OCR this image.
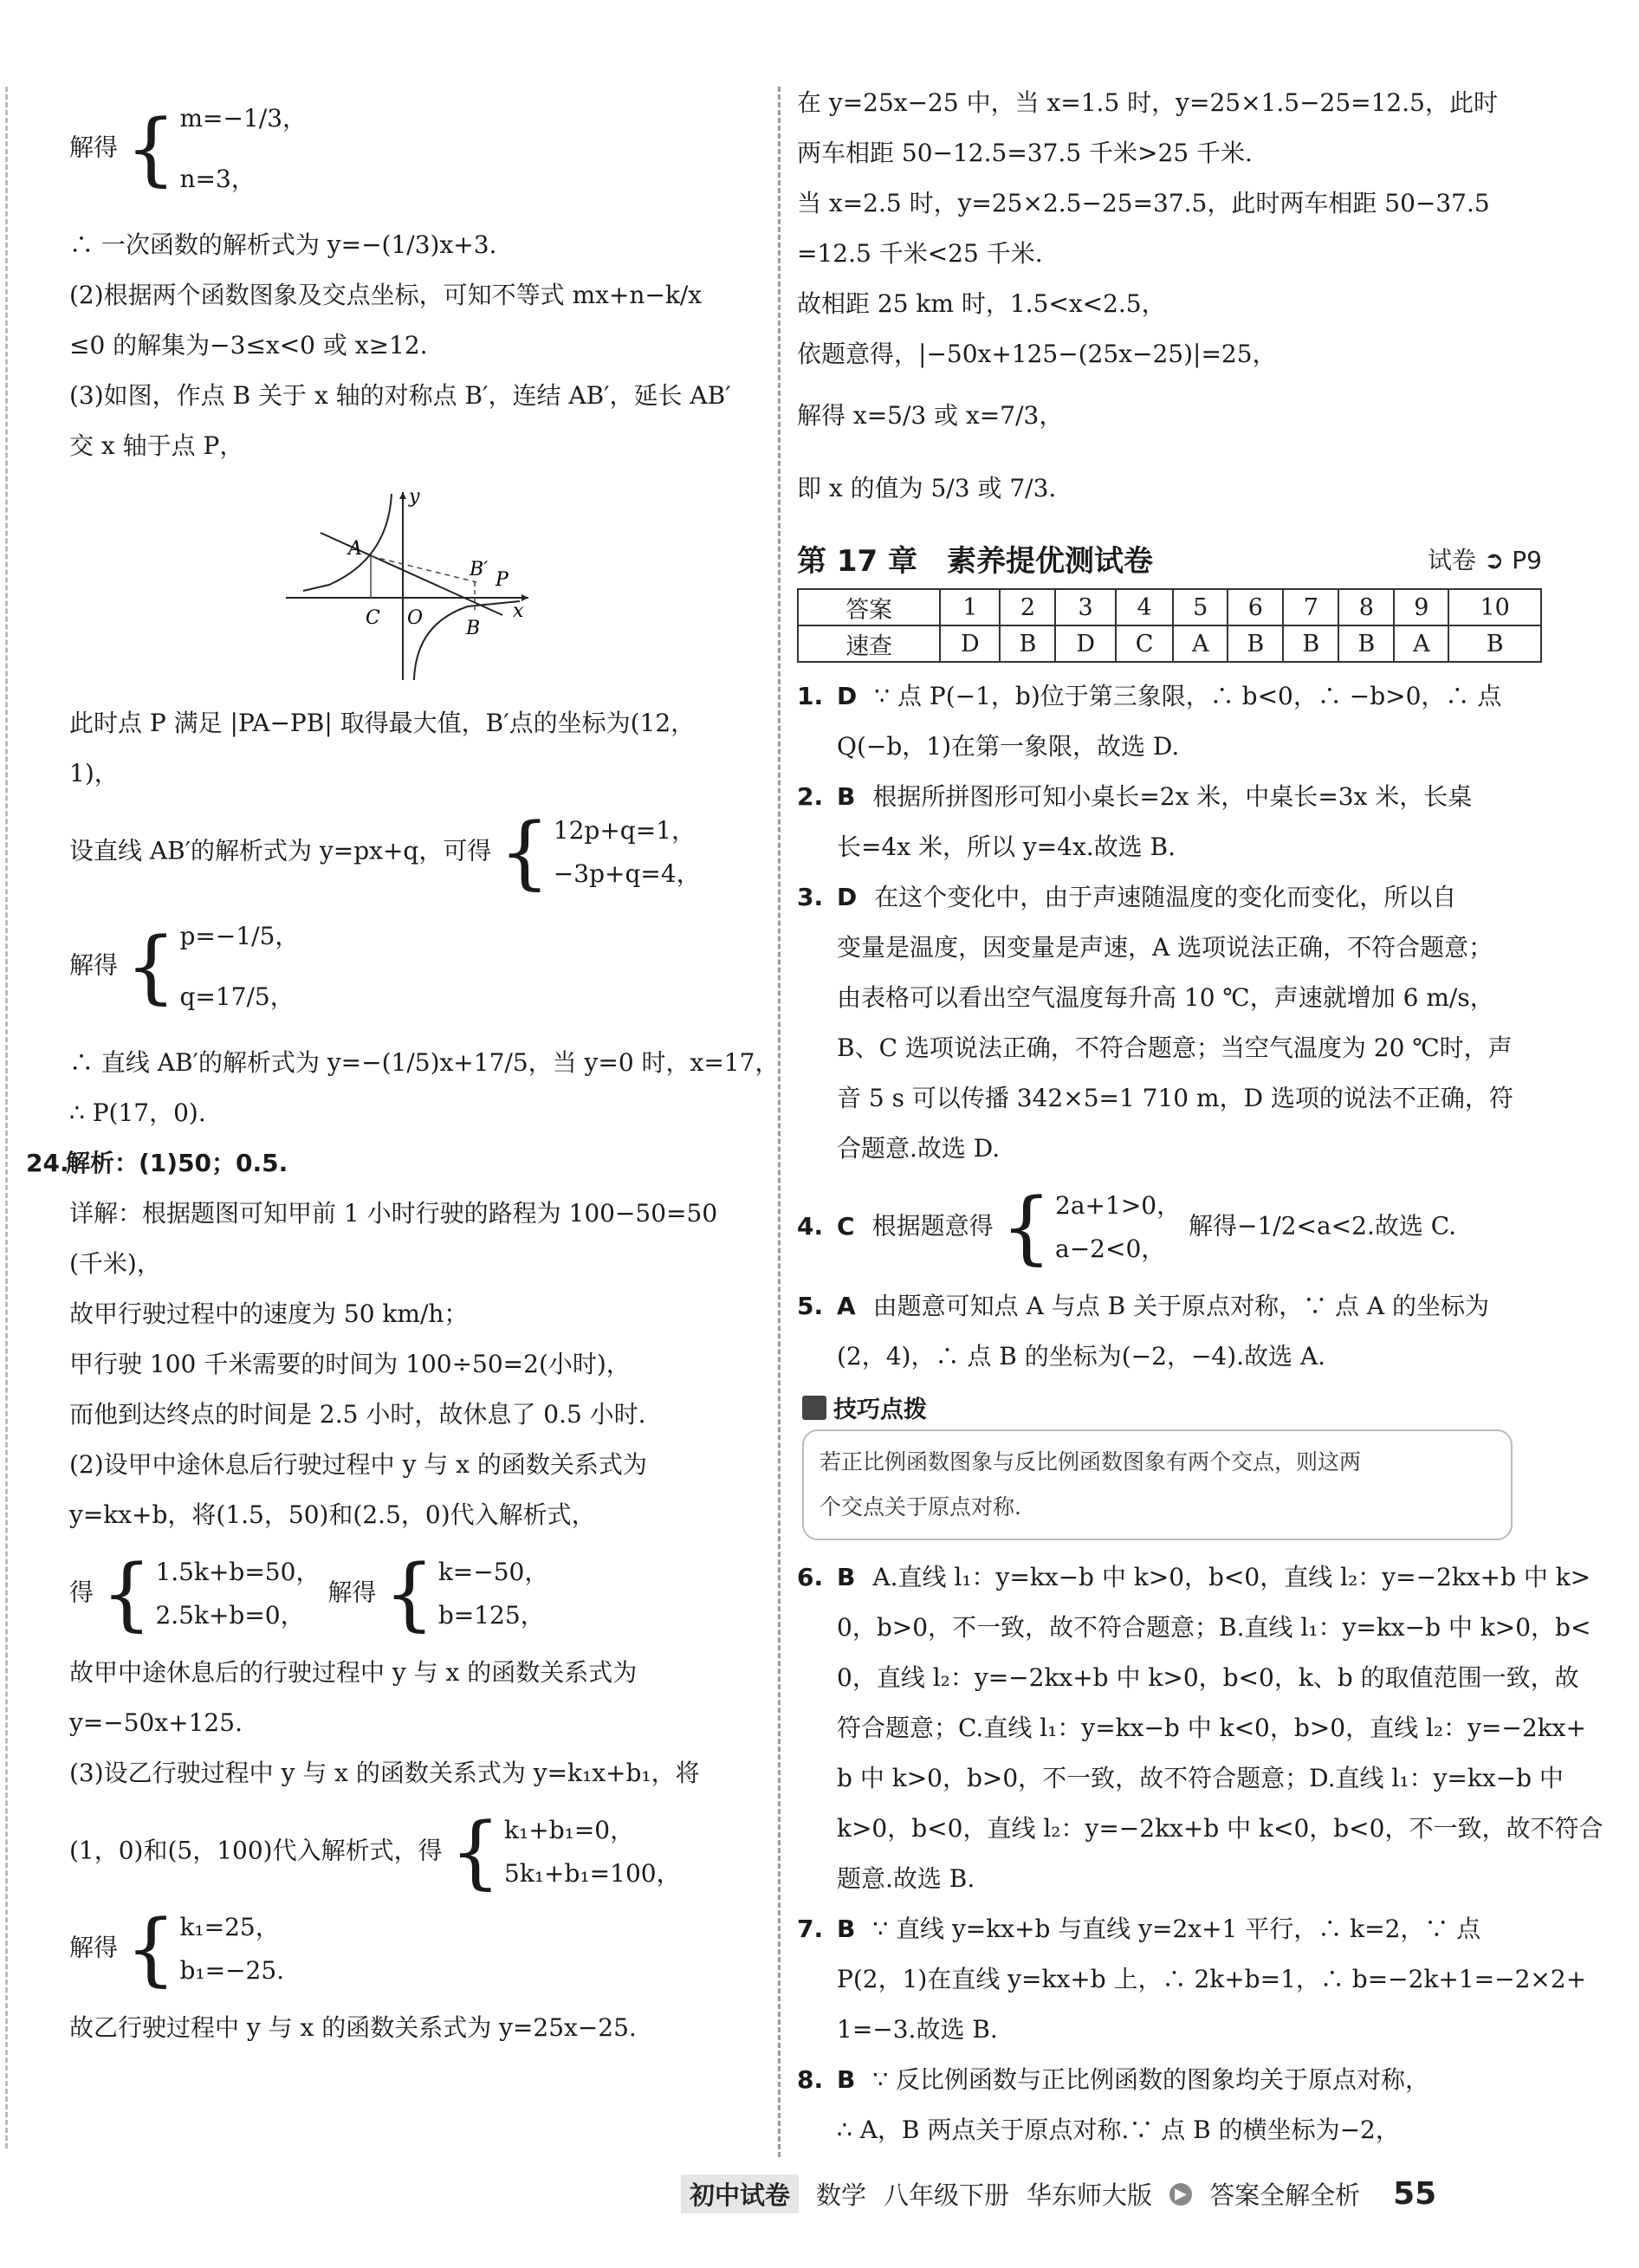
解得 { m=−1/3，
n=3，
∴ 一次函数的解析式为 y=−(1/3)x+3.
(2)根据两个函数图象及交点坐标，可知不等式 mx+n−k/x
≤0 的解集为−3≤x<0 或 x≥12.
(3)如图，作点 B 关于 x 轴的对称点 B′，连结 AB′，延长 AB′
交 x 轴于点 P，
y
x
A
C O B
B′ P
此时点 P 满足 |PA−PB| 取得最大值，B′点的坐标为(12，
1)，
设直线 AB′的解析式为 y=px+q，可得 { 12p+q=1，
−3p+q=4，
解得 { p=−1/5，
q=17/5，
∴ 直线 AB′的解析式为 y=−(1/5)x+17/5，当 y=0 时，x=17，
∴ P(17，0).
24.解析：(1)50；0.5.
详解：根据题图可知甲前 1 小时行驶的路程为 100−50=50
(千米)，
故甲行驶过程中的速度为 50 km/h；
甲行驶 100 千米需要的时间为 100÷50=2(小时)，
而他到达终点的时间是 2.5 小时，故休息了 0.5 小时.
(2)设甲中途休息后行驶过程中 y 与 x 的函数关系式为
y=kx+b，将(1.5，50)和(2.5，0)代入解析式，
得 { 1.5k+b=50，
2.5k+b=0，
解得 { k=−50，
b=125，
故甲中途休息后的行驶过程中 y 与 x 的函数关系式为
y=−50x+125.
(3)设乙行驶过程中 y 与 x 的函数关系式为 y=k₁x+b₁，将
(1，0)和(5，100)代入解析式，得 { k₁+b₁=0，
5k₁+b₁=100，
解得 { k₁=25，
b₁=−25.
故乙行驶过程中 y 与 x 的函数关系式为 y=25x−25.
在 y=25x−25 中，当 x=1.5 时，y=25×1.5−25=12.5，此时
两车相距 50−12.5=37.5 千米>25 千米.
当 x=2.5 时，y=25×2.5−25=37.5，此时两车相距 50−37.5
=12.5 千米<25 千米.
故相距 25 km 时，1.5<x<2.5，
依题意得，|−50x+125−(25x−25)|=25，
解得 x=5/3 或 x=7/3，
即 x 的值为 5/3 或 7/3.
第 17 章　素养提优测试卷	试卷 ➲ P9
答案	1	2	3	4	5	6	7	8	9	10
速查	D	B	D	C	A	B	B	B	A	B
1. D ∵ 点 P(−1，b)位于第三象限，∴ b<0，∴ −b>0，∴ 点
Q(−b，1)在第一象限，故选 D.
2. B 根据所拼图形可知小桌长=2x 米，中桌长=3x 米，长桌
长=4x 米，所以 y=4x.故选 B.
3. D 在这个变化中，由于声速随温度的变化而变化，所以自
变量是温度，因变量是声速，A 选项说法正确，不符合题意；
由表格可以看出空气温度每升高 10 ℃，声速就增加 6 m/s，
B、C 选项说法正确，不符合题意；当空气温度为 20 ℃时，声
音 5 s 可以传播 342×5=1 710 m，D 选项的说法不正确，符
合题意.故选 D.
4. C 根据题意得 { 2a+1>0，
a−2<0，
解得−1/2<a<2.故选 C.
5. A 由题意可知点 A 与点 B 关于原点对称，∵ 点 A 的坐标为
(2，4)，∴ 点 B 的坐标为(−2，−4).故选 A.
技巧点拨
若正比例函数图象与反比例函数图象有两个交点，则这两
个交点关于原点对称.
6. B A.直线 l₁：y=kx−b 中 k>0，b<0，直线 l₂：y=−2kx+b 中 k>
0，b>0，不一致，故不符合题意；B.直线 l₁：y=kx−b 中 k>0，b<
0，直线 l₂：y=−2kx+b 中 k>0，b<0，k、b 的取值范围一致，故
符合题意；C.直线 l₁：y=kx−b 中 k<0，b>0，直线 l₂：y=−2kx+
b 中 k>0，b>0，不一致，故不符合题意；D.直线 l₁：y=kx−b 中
k>0，b<0，直线 l₂：y=−2kx+b 中 k<0，b<0，不一致，故不符合
题意.故选 B.
7. B ∵ 直线 y=kx+b 与直线 y=2x+1 平行，∴ k=2，∵ 点
P(2，1)在直线 y=kx+b 上，∴ 2k+b=1，∴ b=−2k+1=−2×2+
1=−3.故选 B.
8. B ∵ 反比例函数与正比例函数的图象均关于原点对称，
∴ A，B 两点关于原点对称.∵ 点 B 的横坐标为−2，
初中试卷	数学 八年级下册 华东师大版	▶ 答案全解全析 55
